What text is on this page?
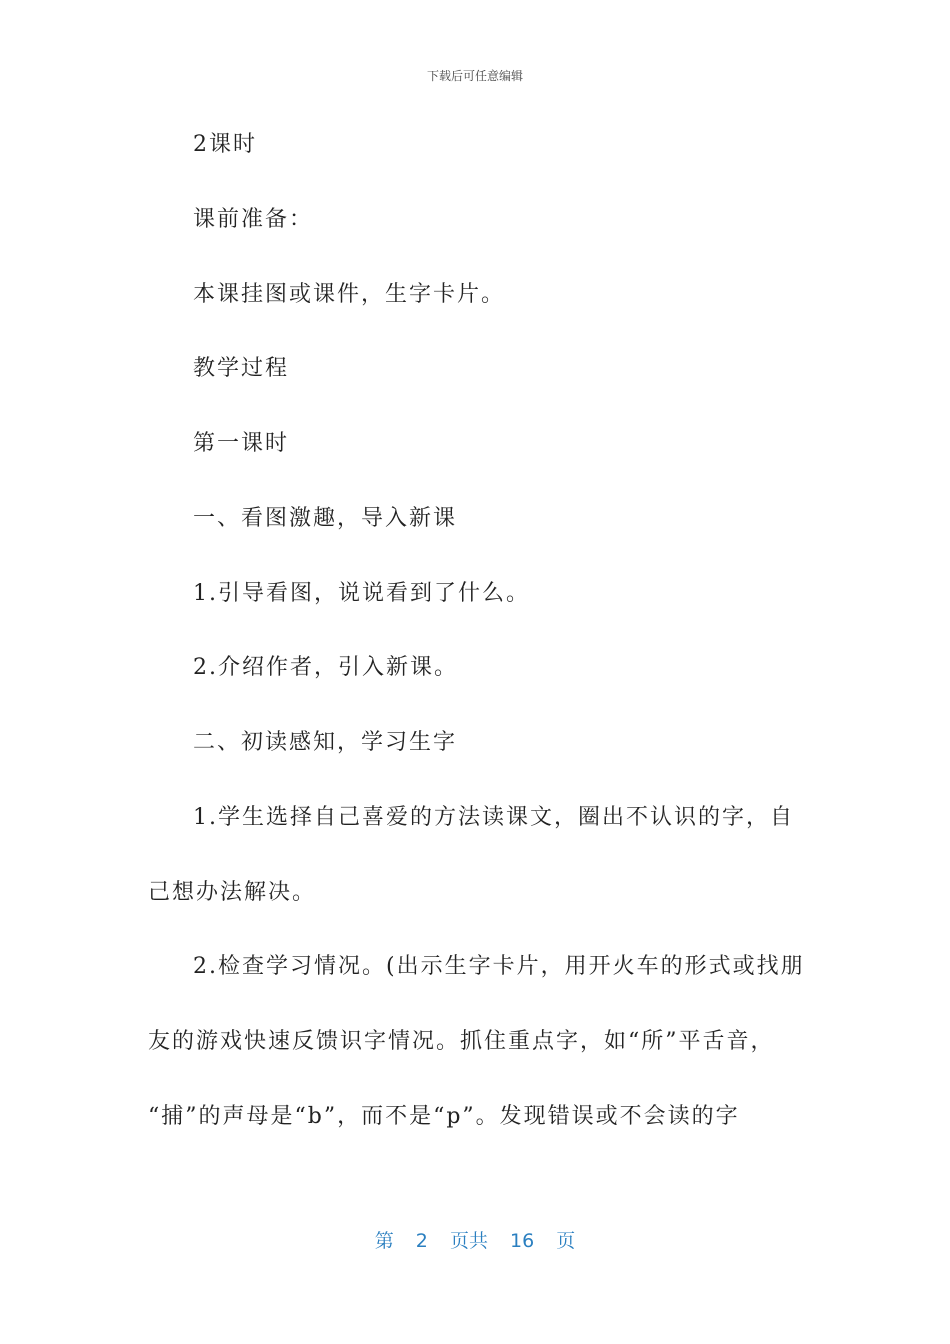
下载后可任意编辑
2课时
课前准备：
本课挂图或课件，生字卡片。
教学过程
第一课时
一、看图激趣，导入新课
1.引导看图，说说看到了什么。
2.介绍作者，引入新课。
二、初读感知，学习生字
1.学生选择自己喜爱的方法读课文，圈出不认识的字，自
己想办法解决。
2.检查学习情况。(出示生字卡片，用开火车的形式或找朋
友的游戏快速反馈识字情况。抓住重点字，如“所”平舌音，
“捕”的声母是“b”，而不是“p”。发现错误或不会读的字
第 2 页共 16 页
